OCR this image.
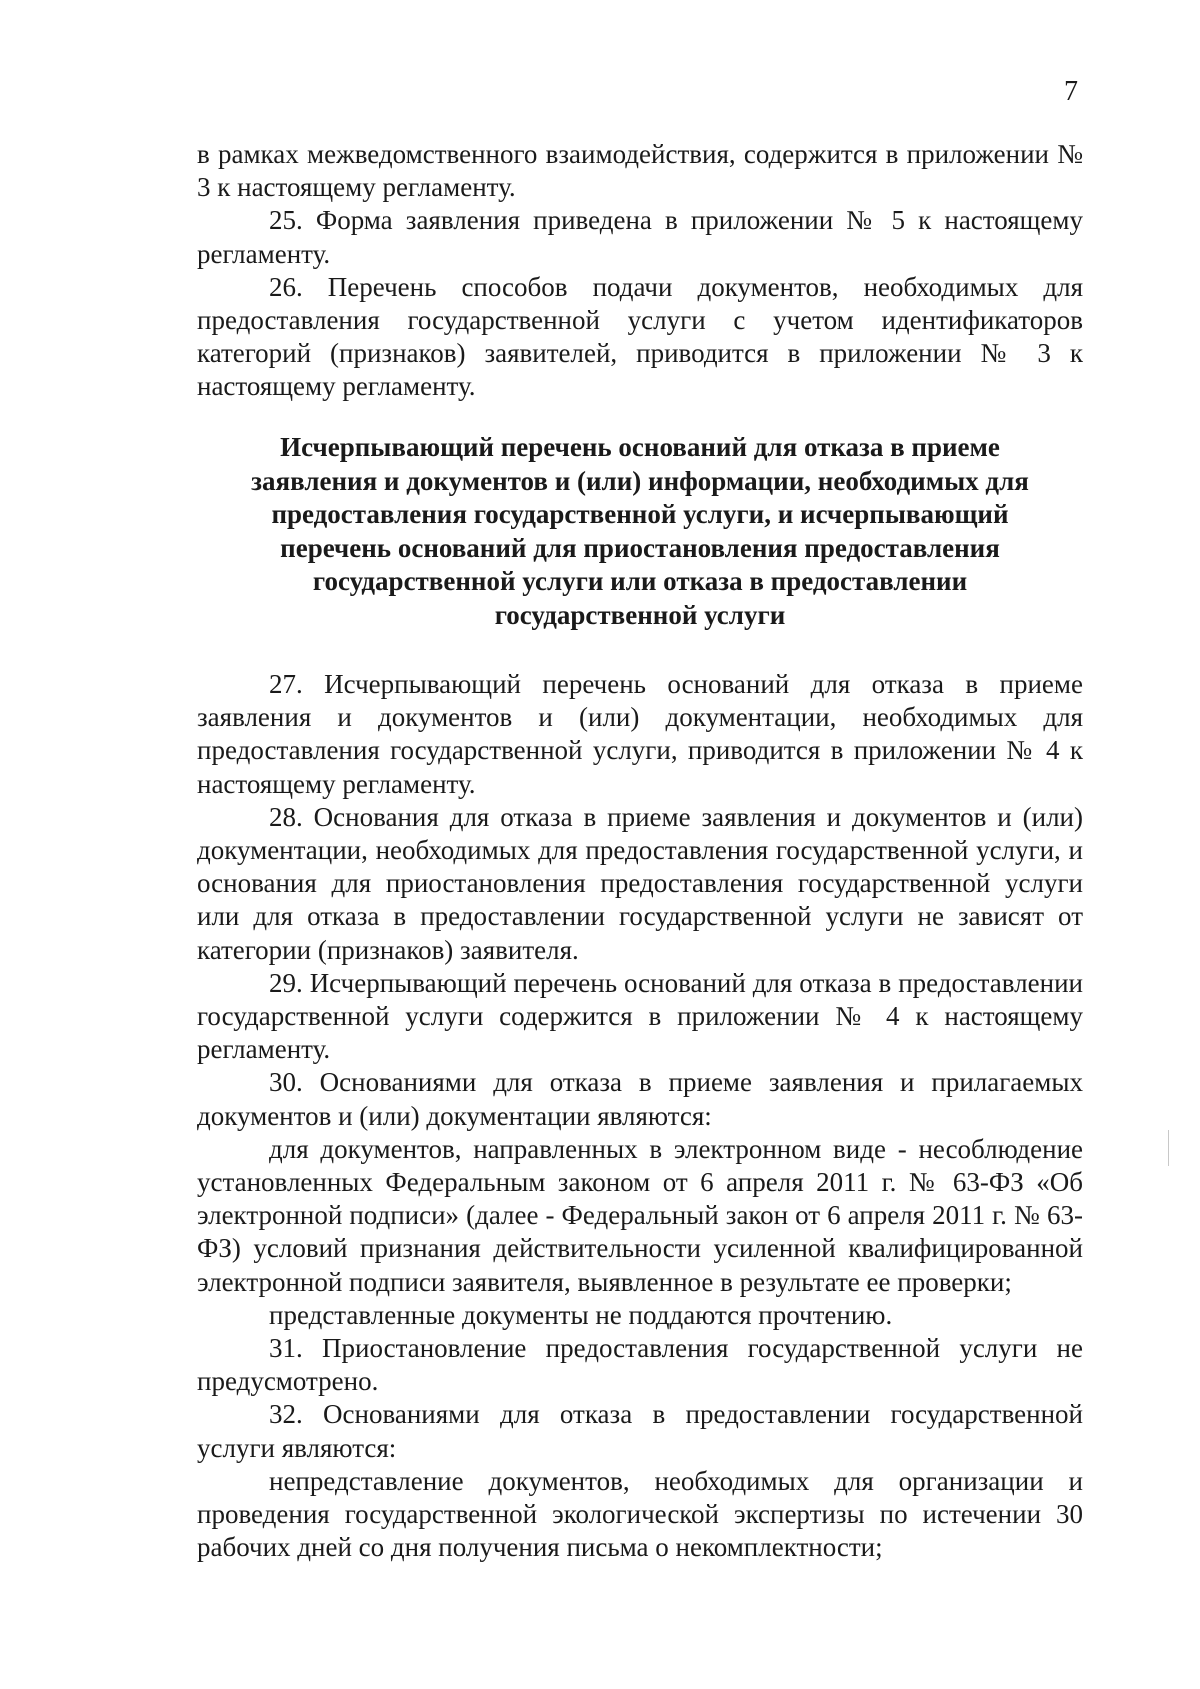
7

в рамках межведомственного взаимодействия, содержится в приложении № 3 к настоящему регламенту.

25. Форма заявления приведена в приложении № 5 к настоящему регламенту.

26. Перечень способов подачи документов, необходимых для предоставления государственной услуги с учетом идентификаторов категорий (признаков) заявителей, приводится в приложении № 3 к настоящему регламенту.

Исчерпывающий перечень оснований для отказа в приеме
заявления и документов и (или) информации, необходимых для
предоставления государственной услуги, и исчерпывающий
перечень оснований для приостановления предоставления
государственной услуги или отказа в предоставлении
государственной услуги

27. Исчерпывающий перечень оснований для отказа в приеме заявления и документов и (или) документации, необходимых для предоставления государственной услуги, приводится в приложении № 4 к настоящему регламенту.

28. Основания для отказа в приеме заявления и документов и (или) документации, необходимых для предоставления государственной услуги, и основания для приостановления предоставления государственной услуги или для отказа в предоставлении государственной услуги не зависят от категории (признаков) заявителя.

29. Исчерпывающий перечень оснований для отказа в предоставлении государственной услуги содержится в приложении № 4 к настоящему регламенту.

30. Основаниями для отказа в приеме заявления и прилагаемых документов и (или) документации являются:

для документов, направленных в электронном виде - несоблюдение установленных Федеральным законом от 6 апреля 2011 г. № 63-ФЗ «Об электронной подписи» (далее - Федеральный закон от 6 апреля 2011 г. № 63-ФЗ) условий признания действительности усиленной квалифицированной электронной подписи заявителя, выявленное в результате ее проверки;

представленные документы не поддаются прочтению.

31. Приостановление предоставления государственной услуги не предусмотрено.

32. Основаниями для отказа в предоставлении государственной услуги являются:

непредставление документов, необходимых для организации и проведения государственной экологической экспертизы по истечении 30 рабочих дней со дня получения письма о некомплектности;
